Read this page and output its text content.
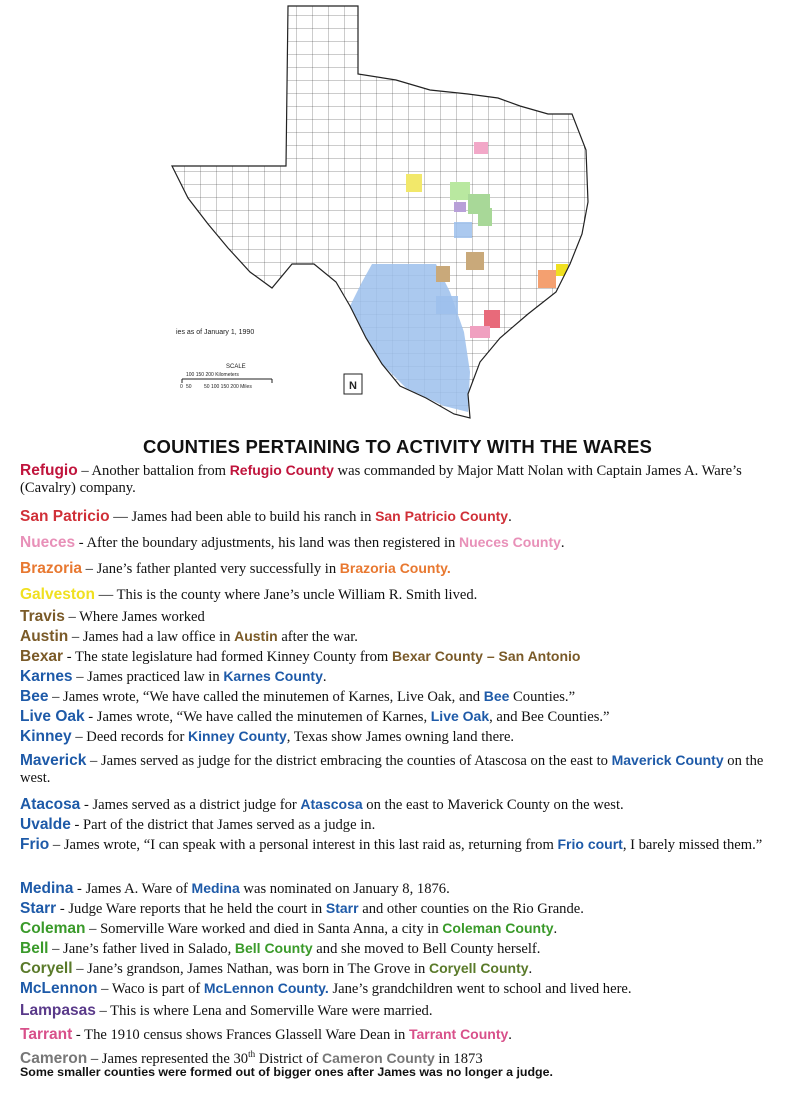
ies as of January 1, 1990
SCALE
100 150 200 Kilometers
0 50 50 100 150 200 Miles	N
COUNTIES PERTAINING TO ACTIVITY WITH THE WARES
Refugio – Another battalion from Refugio County was commanded by Major Matt Nolan with Captain James A. Ware’s (Cavalry) company.
San Patricio — James had been able to build his ranch in San Patricio County.
Nueces - After the boundary adjustments, his land was then registered in Nueces County.
Brazoria – Jane’s father planted very successfully in Brazoria County.
Galveston — This is the county where Jane’s uncle William R. Smith lived.
Travis – Where James worked
Austin – James had a law office in Austin after the war.
Bexar - The state legislature had formed Kinney County from Bexar County – San Antonio
Karnes – James practiced law in Karnes County.
Bee – James wrote, “We have called the minutemen of Karnes, Live Oak, and Bee Counties.”
Live Oak - James wrote, “We have called the minutemen of Karnes, Live Oak, and Bee Counties.”
Kinney – Deed records for Kinney County, Texas show James owning land there.
Maverick – James served as judge for the district embracing the counties of Atascosa on the east to Maverick County on the west.
Atacosa - James served as a district judge for Atascosa on the east to Maverick County on the west.
Uvalde - Part of the district that James served as a judge in.
Frio – James wrote, “I can speak with a personal interest in this last raid as, returning from Frio court, I barely missed them.”
Medina - James A. Ware of Medina was nominated on January 8, 1876.
Starr - Judge Ware reports that he held the court in Starr and other counties on the Rio Grande.
Coleman – Somerville Ware worked and died in Santa Anna, a city in Coleman County.
Bell – Jane’s father lived in Salado, Bell County and she moved to Bell County herself.
Coryell – Jane’s grandson, James Nathan, was born in The Grove in Coryell County.
McLennon – Waco is part of McLennon County. Jane’s grandchildren went to school and lived here.
Lampasas – This is where Lena and Somerville Ware were married.
Tarrant - The 1910 census shows Frances Glassell Ware Dean in Tarrant County.
Cameron – James represented the 30th District of Cameron County in 1873
Some smaller counties were formed out of bigger ones after James was no longer a judge.
